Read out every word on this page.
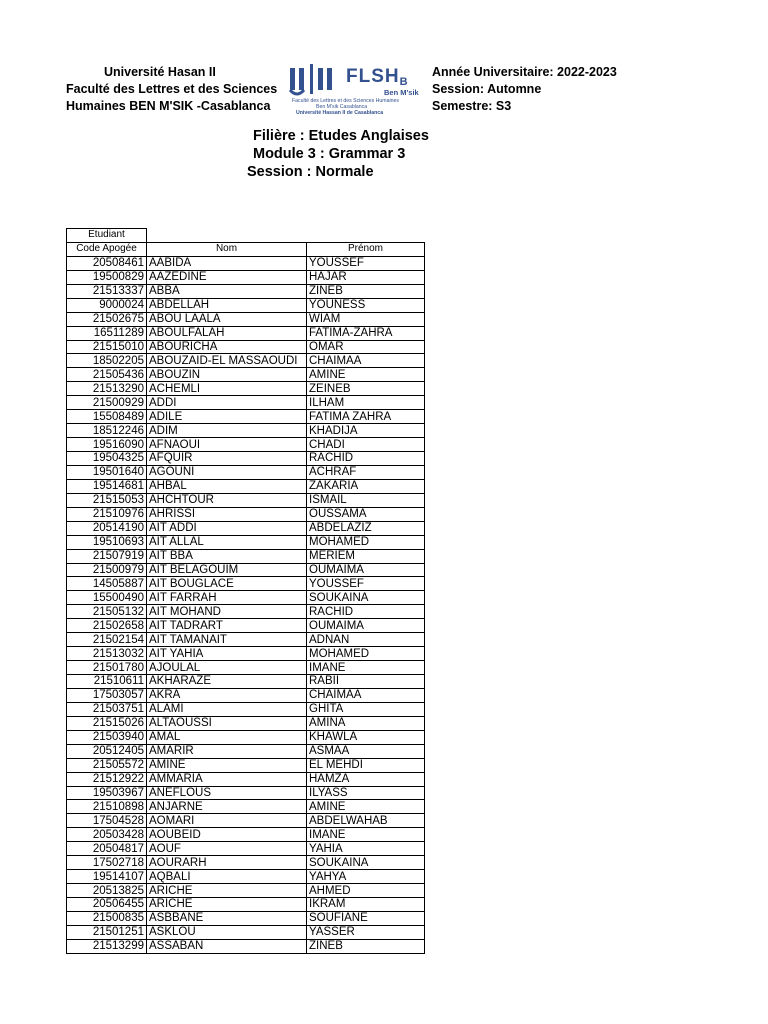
Université Hasan II
Faculté des Lettres et des Sciences
Humaines BEN M'SIK -Casablanca
FLSHB
Ben M'sik
Faculté des Lettres et des Sciences Humaines
Ben M'sik Casablanca
Université Hassan II de Casablanca
Année Universitaire: 2022-2023
Session: Automne
Semestre: S3
Filière : Etudes Anglaises
Module 3 : Grammar 3
Session : Normale
Etudiant		
Code Apogée	Nom	Prénom
20508461	AABIDA	YOUSSEF
19500829	AAZEDINE	HAJAR
21513337	ABBA	ZINEB
9000024	ABDELLAH	YOUNESS
21502675	ABOU LAALA	WIAM
16511289	ABOULFALAH	FATIMA-ZAHRA
21515010	ABOURICHA	OMAR
18502205	ABOUZAID-EL MASSAOUDI	CHAIMAA
21505436	ABOUZIN	AMINE
21513290	ACHEMLI	ZEINEB
21500929	ADDI	ILHAM
15508489	ADILE	FATIMA ZAHRA
18512246	ADIM	KHADIJA
19516090	AFNAOUI	CHADI
19504325	AFQUIR	RACHID
19501640	AGOUNI	ACHRAF
19514681	AHBAL	ZAKARIA
21515053	AHCHTOUR	ISMAIL
21510976	AHRISSI	OUSSAMA
20514190	AIT ADDI	ABDELAZIZ
19510693	AIT ALLAL	MOHAMED
21507919	AIT BBA	MERIEM
21500979	AIT BELAGOUIM	OUMAIMA
14505887	AIT BOUGLACE	YOUSSEF
15500490	AIT FARRAH	SOUKAINA
21505132	AIT MOHAND	RACHID
21502658	AIT TADRART	OUMAIMA
21502154	AIT TAMANAIT	ADNAN
21513032	AIT YAHIA	MOHAMED
21501780	AJOULAL	IMANE
21510611	AKHARAZE	RABII
17503057	AKRA	CHAIMAA
21503751	ALAMI	GHITA
21515026	ALTAOUSSI	AMINA
21503940	AMAL	KHAWLA
20512405	AMARIR	ASMAA
21505572	AMINE	EL MEHDI
21512922	AMMARIA	HAMZA
19503967	ANEFLOUS	ILYASS
21510898	ANJARNE	AMINE
17504528	AOMARI	ABDELWAHAB
20503428	AOUBEID	IMANE
20504817	AOUF	YAHIA
17502718	AOURARH	SOUKAINA
19514107	AQBALI	YAHYA
20513825	ARICHE	AHMED
20506455	ARICHE	IKRAM
21500835	ASBBANE	SOUFIANE
21501251	ASKLOU	YASSER
21513299	ASSABAN	ZINEB
